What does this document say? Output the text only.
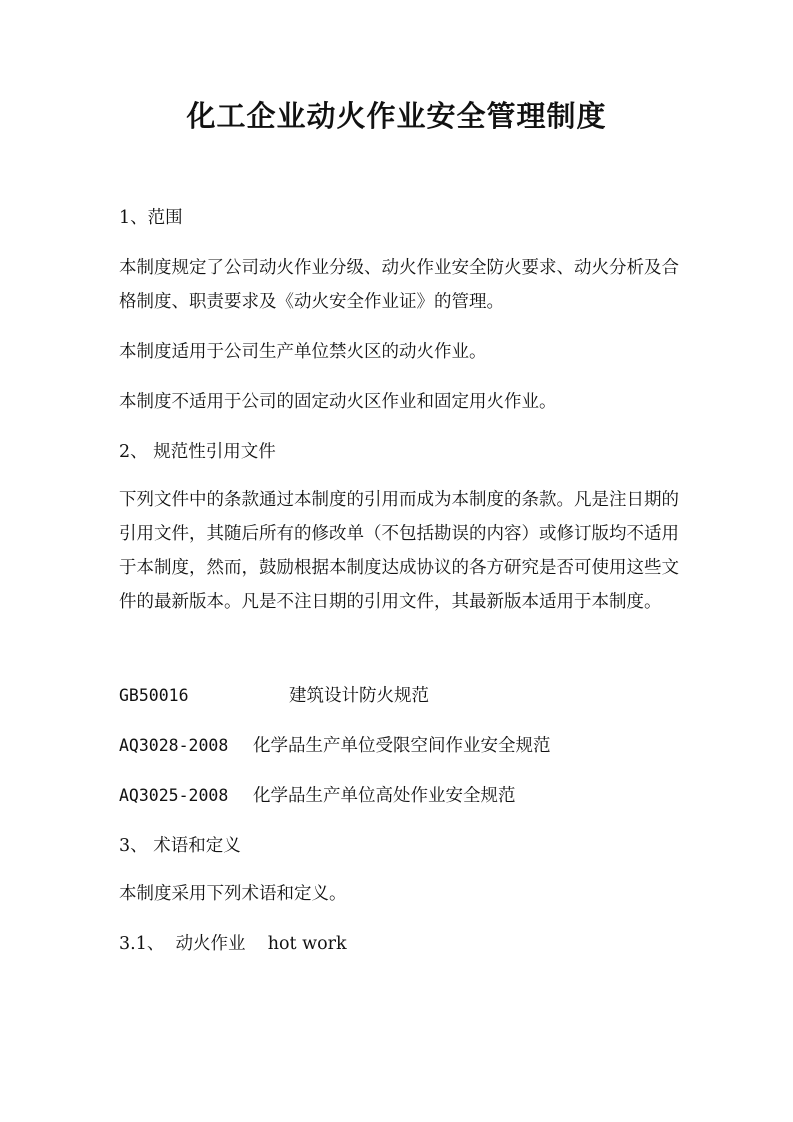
化工企业动火作业安全管理制度
1、范围
本制度规定了公司动火作业分级、动火作业安全防火要求、动火分析及合格制度、职责要求及《动火安全作业证》的管理。
本制度适用于公司生产单位禁火区的动火作业。
本制度不适用于公司的固定动火区作业和固定用火作业。
2、 规范性引用文件
下列文件中的条款通过本制度的引用而成为本制度的条款。凡是注日期的引用文件，其随后所有的修改单（不包括勘误的内容）或修订版均不适用于本制度，然而，鼓励根据本制度达成协议的各方研究是否可使用这些文件的最新版本。凡是不注日期的引用文件，其最新版本适用于本制度。
GB50016	建筑设计防火规范
AQ3028-2008 化学品生产单位受限空间作业安全规范
AQ3025-2008 化学品生产单位高处作业安全规范
3、 术语和定义
本制度采用下列术语和定义。
3.1、  动火作业    hot work
